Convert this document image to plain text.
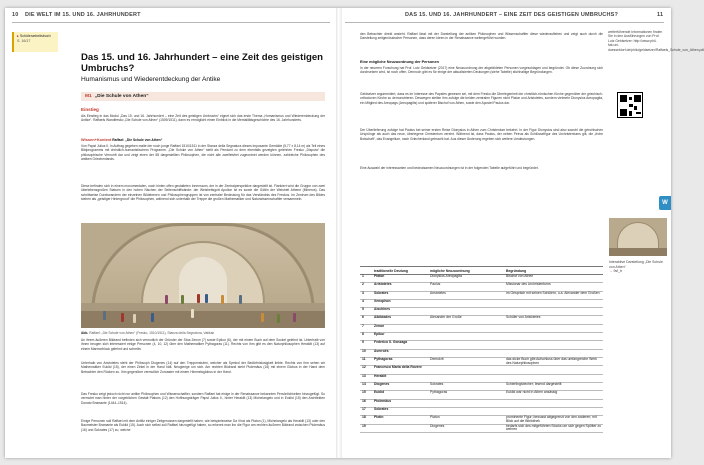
10 DIE WELT IM 15. UND 16. JAHRHUNDERT	DAS 15. UND 16. JAHRHUNDERT – EINE ZEIT DES GEISTIGEN UMBRUCHS?	11
▸Schülerarbeitsbuch
S. 16/17
Das 15. und 16. Jahrhundert – eine Zeit des geistigen Umbruchs?
Humanismus und Wiederentdeckung der Antike
M1 „Die Schule von Athen“
Einstieg
Als Einstieg in das Modul „Das 15. und 16. Jahrhundert – eine Zeit des geistigen Umbruchs“ eignet sich das erste Thema „Humanismus und Wiederentdeckung der Antike“. Raffaels Wandfresko „Die Schule von Athen“ (1509/1511), dann es ermöglicht einen Einblick in die Mentalitätsgeschichte des 16. Jahrhunderts.
Wissen+Kontext Raffael: „Die Schule von Athen“
Von Papst Julius II. in Auftrag gegeben malte der noch junge Raffael 1510/1511 in der Stanza della Segnatura dieses imposante Gemälde (5,77 x 8,14 m) als Teil eines Bildprogramms mit christlich-humanistischem Programm. „Die Schule von Athen“ stellt als Pendant zu dem ebenfalls gezeigten gelehrten Fresko „Disputa“ die philosophische Vernunft dar und zeigt einen der 58 dargestellten Philosophen, die nicht alle zweifelsfrei zugeordnet werden können, zahlreiche Philosophen des antiken Griechenlands.
Diese befinden sich in einem monumentalen, nach hinten offen gestalteten Innenraum, der in der Zentralperspektive dargestellt ist. Flankiert wird die Gruppe von zwei überlebensgroßen Statuen in den hohen Nischen der Seitenschiffwände: der Weisheitsgott Apollon ist es sowie die Göttin der Weisheit Athene (Minerva). Das schrittweise Durchwandern der einzelnen Bildebenen und Philosophengruppen ist von zentraler Bedeutung für das Verständnis des Freskos. Im Zentrum des Bildes stehen als „geistiger Hintergrund“ die Philosophen, während sich unterhalb der Treppe die großen Mathematiker und Naturwissenschaftler versammeln.
Abb. Raffael: „Die Schule von Athen“ (Fresko, 1510/1511), Stanza della Segnatura, Vatikan
An ihrem äußeren Bildrand befinden sich vermutlich der Gründer der Stoa Zenon (7) sowie Epikur (6), der mit einem Buch auf dem Sockel gelehnt ist. Unterhalb von ihnen beugen sich interessiert einige Personen (4, 10, 12) über den Mathematiker Pythagoras (11). Rechts von ihm gibt es den Naturphilosophen Heraklit (13) auf einem Marmorblock gelehnt und schreibt.
Unterhalb von Aristoteles steht der Philosoph Diogenes (14) auf den Treppenstufen, welcher als Symbol der Bedürfnislosigkeit liebte. Rechts von ihm sehen wir Mathematiker Euklid (15), der einen Zirkel in der Hand hält. Neugierige um sich. Am rechten Bildrand steht Ptolemäus (16) mit einem Globus in der Hand dem Betrachter den Rücken zu. Ihm gegenüber vermutlich Zoroaster mit einem Himmelsglobus in der Hand.
Das Fresko zeigt jedoch nicht nur antike Philosophen und Wissenschaftler, sondern Raffael hat einige in der Renaissance bekannten Persönlichkeiten hinzugefügt. So vermutet man hinter der vorgeblichen Gestalt Platons (12) den Hoffnungsträger Papst Julius II., hinter Heraklit (13) Michelangelo und in Euklid (15) den Architekten Donato Bramante (1444–1514).
Einige Personen soll Raffael mit dem Antlitz einiger Zeitgenossen dargestellt haben, wie beispielsweise Da Vinci als Platon (1), Michelangelo als Heraklit (13) oder den Baumeister Bramante als Euklid (15). Auch sich selbst soll Raffael hinzugefügt haben, so erkennt man ihn die Figur am rechten äußeren Bildrand zwischen Ptolemäus (16) und Sokrates (17) zu, welche
den Betrachter direkt ansieht. Raffael lässt mit der Darstellung der antiken Philosophen und Wissenschaftler diese wiederaufleben und zeigt auch durch die Darstellung zeitgenössischer Personen, dass deren Ideen in der Renaissance weitergeführt wurden.
Eine mögliche Neuzuordnung der Personen
In der neueren Forschung hat Prof. Lutz Geldsetzer (2017) eine Neuzuordnung der abgebildeten Personen vorgeschlagen und begründet. Ob diese Zuordnung sich durchsetzen wird, ist noch offen. Dennoch gibt es für einige der aktualisierten Deutungen (siehe Tabelle) stichhaltige Begründungen.
Geldsetzer argumentiert, dass es im Interesse des Papstes gewesen sei, mit dem Fresko die Überlegenheit der christlich-römischen Kirche gegenüber der griechisch-orthodoxen Kirche zu demonstrieren. Deswegen stellen ihm zufolge die beiden zentralen Figuren nicht Platon und Aristoteles, sondern vielmehr Dionysios Areopagita, ein Mitglied des Areopags (Areopagitis) und späterer Bischof von Athen, sowie den Apostel Paulus dar.
Der Überlieferung zufolge hat Paulus bei seiner ersten Reise Dionysios in Athen zum Christentum bekehrt. In der Figur Dionysios sind also sowohl die griechischen Ursprünge als auch das neue, überlegene Christentum vereint. Während ist, dass Paulus, der neben Petrus als Schlüsselfigur des Urchristentums gilt, die „frohe Botschaft“, das Evangelium, nach Griechenland gebracht hat. Aus dieser Änderung ergeben sich weitere Umdeutungen.
Eine Auswahl der interessanten und bedeutsamen Neuzuordnungen ist in der folgenden Tabelle aufgeführt und begründet.
	traditionelle Deutung	mögliche Neuzuordnung	Begründung
1	Platon	Dionysios Areopagita	Bischof von Athen
2	Aristoteles	Paulus	Missionar des Urchristentums
3	Sokrates	Aristoteles	im Gespräch mit seinen Schülern, u.a. Alexander dem Großen
4	Xenophon		
5	Aischines		
6	Alkibiades	Alexander der Große	Schüler von Aristoteles
7	Zenon		
8	Epikur		
9	Federico II. Gonzaga		
10	Averroës		
11	Pythagoras	Demokrit	das dicke Buch gibt Aufschluss über das umfangreiche Werk des Naturphilosophen
12	Francesco Maria della Rovere		
13	Heraklit		
14	Diogenes	Sokrates	Schierlingsbecher; lesend dargestellt
15	Euklid	Pythagoras	Euklid war nicht in Athen ansässig
16	Ptolemäus		
17	Sokrates		
18	Plotin	Platon	prominente Figur; bewusst abgegrenzt von den anderen; mit Blick auf die Bibliothek
19		Diogenes	bedarfs sich des mitgeführten Stocks um sich gegen Spötter zu wehren
weiterführende Informationen finden Sie in den Ausführungen von Prof. Lutz Geldsetzer: http://www.phil-fak.uni-duesseldorf.de/philo/geldsetzer/Raffaels_Schule_von_Athen.pdf
Interaktive Darstellung „Die Schule von Athen“
→ 9sf_tr
W
